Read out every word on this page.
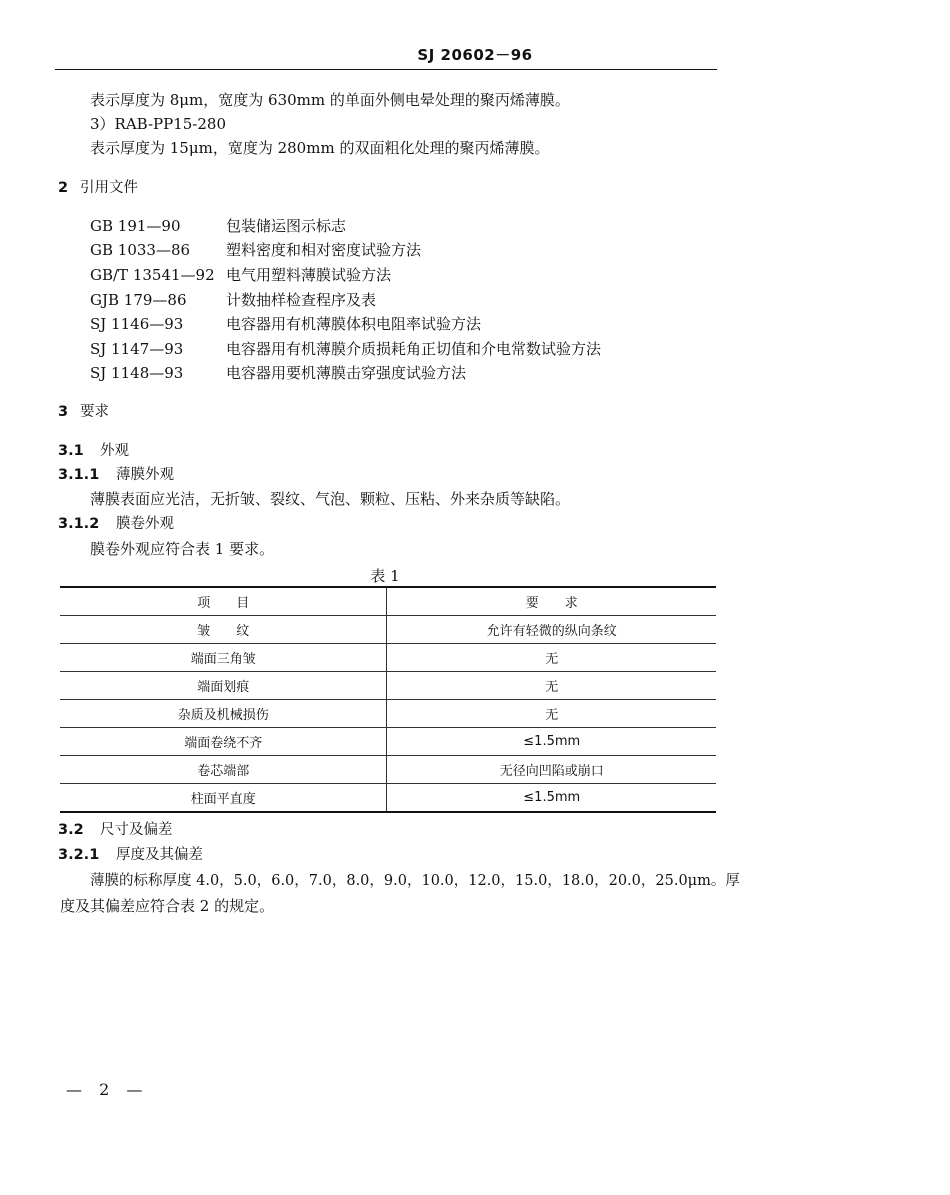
SJ 20602－96
表示厚度为 8μm，宽度为 630mm 的单面外侧电晕处理的聚丙烯薄膜。
3）RAB-PP15-280
表示厚度为 15μm，宽度为 280mm 的双面粗化处理的聚丙烯薄膜。
2 引用文件
GB 191—90	包装储运图示标志
GB 1033—86 塑料密度和相对密度试验方法
GB/T 13541—92 电气用塑料薄膜试验方法
GJB 179—86	计数抽样检查程序及表
SJ 1146—93	电容器用有机薄膜体积电阻率试验方法
SJ 1147—93	电容器用有机薄膜介质损耗角正切值和介电常数试验方法
SJ 1148—93	电容器用要机薄膜击穿强度试验方法
3 要求
3.1 外观
3.1.1 薄膜外观
薄膜表面应光洁，无折皱、裂纹、气泡、颗粒、压粘、外来杂质等缺陷。
3.1.2 膜卷外观
膜卷外观应符合表 1 要求。
表 1
项　　目	要　　求
皱　　纹	允许有轻微的纵向条纹
端面三角皱	无
端面划痕	无
杂质及机械损伤	无
端面卷绕不齐	≤1.5mm
卷芯端部	无径向凹陷或崩口
柱面平直度	≤1.5mm
3.2 尺寸及偏差
3.2.1 厚度及其偏差
薄膜的标称厚度 4.0，5.0，6.0，7.0，8.0，9.0，10.0，12.0，15.0，18.0，20.0，25.0μm。厚
度及其偏差应符合表 2 的规定。
— 2 —
